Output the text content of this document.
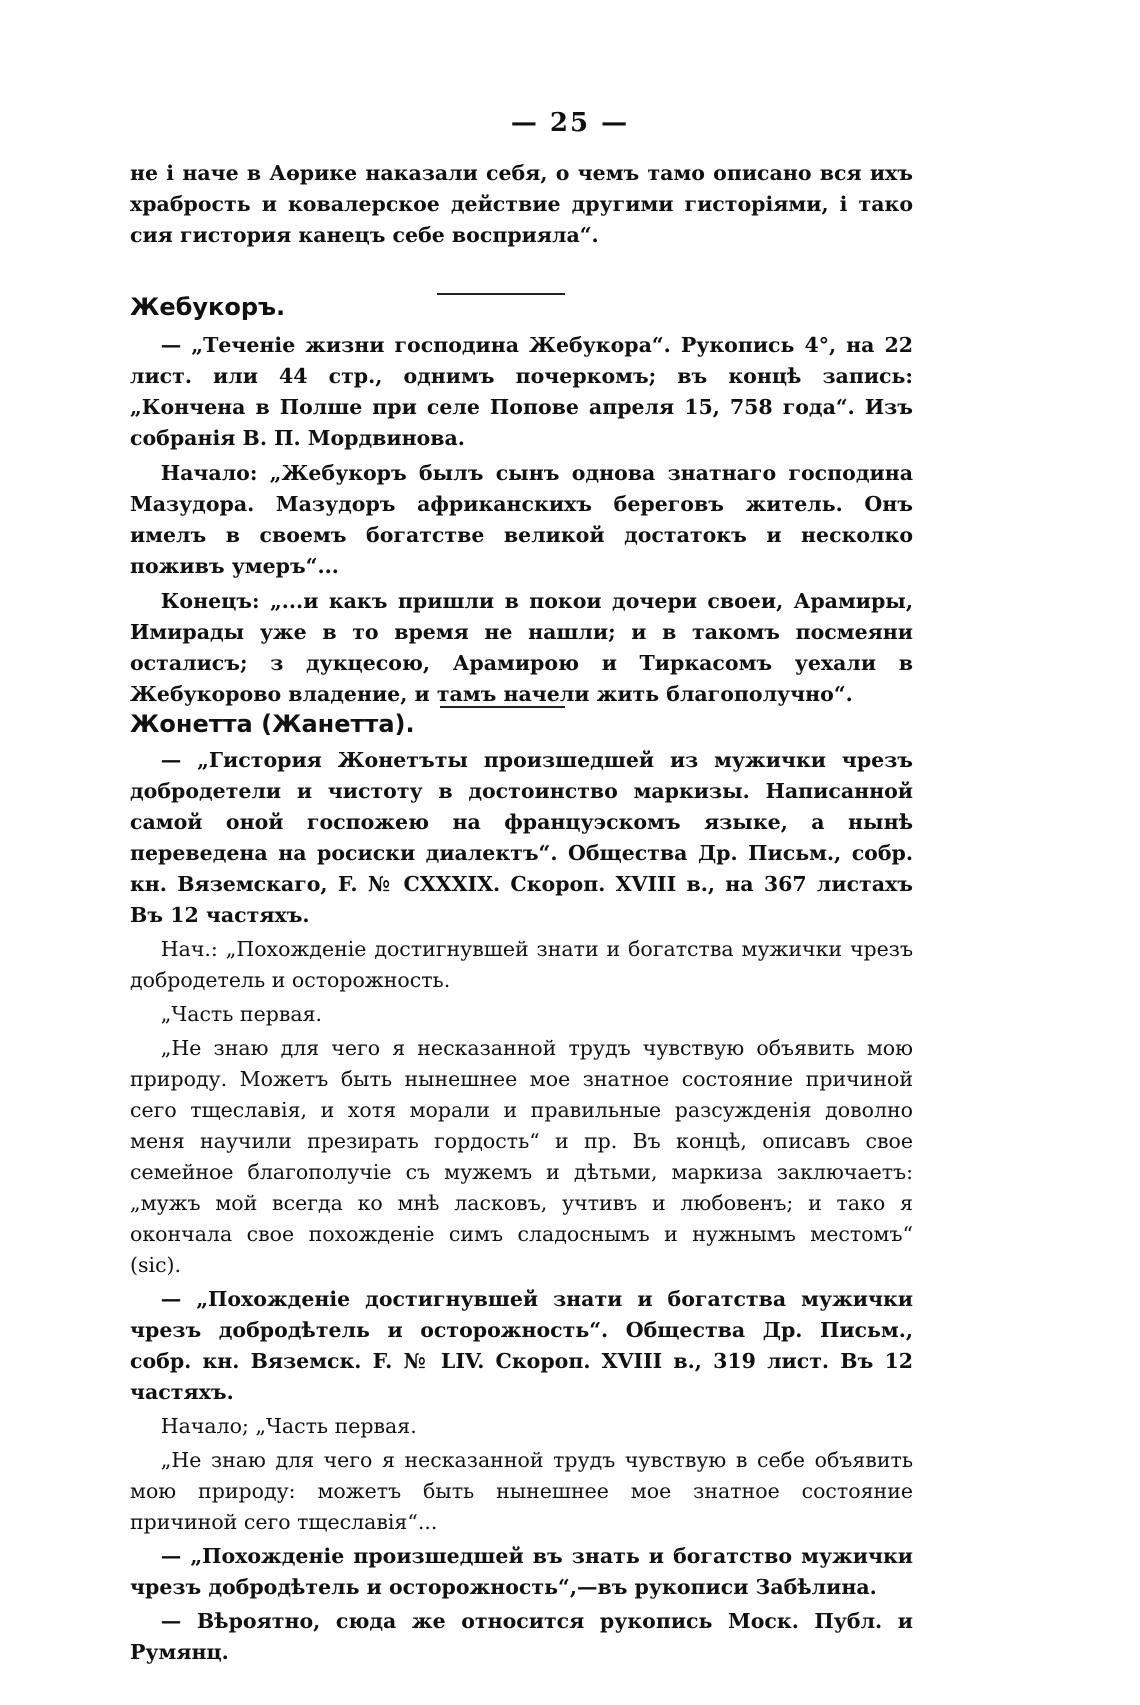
— 25 —

не і наче в Аөрике наказали себя, о чемъ тамо описано вся ихъ храбрость и ковалерское действие другими гисторіями, і тако сия гистория канецъ себе восприяла“.

Жебукоръ.

— „Теченіе жизни господина Жебукора“. Рукопись 4°, на 22 лист. или 44 стр., однимъ почеркомъ; въ концѣ запись: „Кончена в Полше при селе Попове апреля 15, 758 года“. Изъ собранія В. П. Мордвинова.

Начало: „Жебукоръ былъ сынъ однова знатнаго господина Мазудора. Мазудоръ африканскихъ береговъ житель. Онъ имелъ в своемъ богатстве великой достатокъ и несколко поживъ умеръ“...

Конецъ: „...и какъ пришли в покои дочери своеи, Арамиры, Имирады уже в то время не нашли; и в такомъ посмеяни осталисъ; з дукцесою, Арамирою и Тиркасомъ уехали в Жебукорово владение, и тамъ начели жить благополучно“.

Жонетта (Жанетта).

— „Гистория Жонетъты произшедшей из мужички чрезъ добродетели и чистоту в достоинство маркизы. Написанной самой оной госпожею на француэскомъ языке, а нынѣ переведена на росиски диалектъ“. Общества Др. Письм., собр. кн. Вяземскаго, F. № CXXXIX. Скороп. XVIII в., на 367 листахъ Въ 12 частяхъ.

Нач.: „Похожденіе достигнувшей знати и богатства мужички чрезъ добродетель и осторожность.

„Часть первая.

„Не знаю для чего я несказанной трудъ чувствую объявить мою природу. Можетъ быть нынешнее мое знатное состояние причиной сего тщеславія, и хотя морали и правильные разсужденія доволно меня научили презирать гордость“ и пр. Въ концѣ, описавъ свое семейное благополучіе съ мужемъ и дѣтьми, маркиза заключаетъ: „мужъ мой всегда ко мнѣ ласковъ, учтивъ и любовенъ; и тако я окончала свое похожденіе симъ сладоснымъ и нужнымъ местомъ“ (sic).

— „Похожденіе достигнувшей знати и богатства мужички чрезъ добродѣтель и осторожность“. Общества Др. Письм., собр. кн. Вяземск. F. № LIV. Скороп. XVIII в., 319 лист. Въ 12 частяхъ.

Начало; „Часть первая.

„Не знаю для чего я несказанной трудъ чувствую в себе объявить мою природу: можетъ быть нынешнее мое знатное состояние причиной сего тщеславія“...

— „Похожденіе произшедшей въ знать и богатство мужички чрезъ добродѣтель и осторожность“,—въ рукописи Забѣлина.

— Вѣроятно, сюда же относится рукопись Моск. Публ. и Румянц.
